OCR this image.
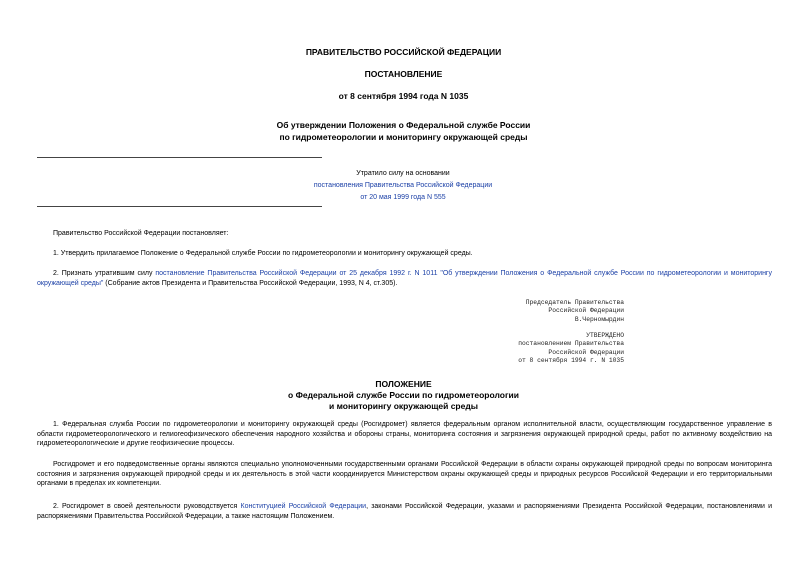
ПРАВИТЕЛЬСТВО РОССИЙСКОЙ ФЕДЕРАЦИИ
ПОСТАНОВЛЕНИЕ
от 8 сентября 1994 года N 1035
Об утверждении Положения о Федеральной службе России
по гидрометеорологии и мониторингу окружающей среды
Утратило силу на основании
постановления Правительства Российской Федерации
от 20 мая 1999 года N 555
Правительство Российской Федерации постановляет:
1. Утвердить прилагаемое Положение о Федеральной службе России по гидрометеорологии и мониторингу окружающей среды.
2. Признать утратившим силу постановление Правительства Российской Федерации от 25 декабря 1992 г. N 1011 "Об утверждении Положения о Федеральной службе России по гидрометеорологии и мониторингу окружающей среды" (Собрание актов Президента и Правительства Российской Федерации, 1993, N 4, ст.305).
Председатель Правительства
Российской Федерации
В.Черномырдин
УТВЕРЖДЕНО
постановлением Правительства
Российской Федерации
от 8 сентября 1994 г. N 1035
ПОЛОЖЕНИЕ
о Федеральной службе России по гидрометеорологии
и мониторингу окружающей среды
1. Федеральная служба России по гидрометеорологии и мониторингу окружающей среды (Росгидромет) является федеральным органом исполнительной власти, осуществляющим государственное управление в области гидрометеорологического и гелиогеофизического обеспечения народного хозяйства и обороны страны, мониторинга состояния и загрязнения окружающей природной среды, работ по активному воздействию на гидрометеорологические и другие геофизические процессы.
Росгидромет и его подведомственные органы являются специально уполномоченными государственными органами Российской Федерации в области охраны окружающей природной среды по вопросам мониторинга состояния и загрязнения окружающей природной среды и их деятельность в этой части координируется Министерством охраны окружающей среды и природных ресурсов Российской Федерации и его территориальными органами в пределах их компетенции.
2. Росгидромет в своей деятельности руководствуется Конституцией Российской Федерации, законами Российской Федерации, указами и распоряжениями Президента Российской Федерации, постановлениями и распоряжениями Правительства Российской Федерации, а также настоящим Положением.
